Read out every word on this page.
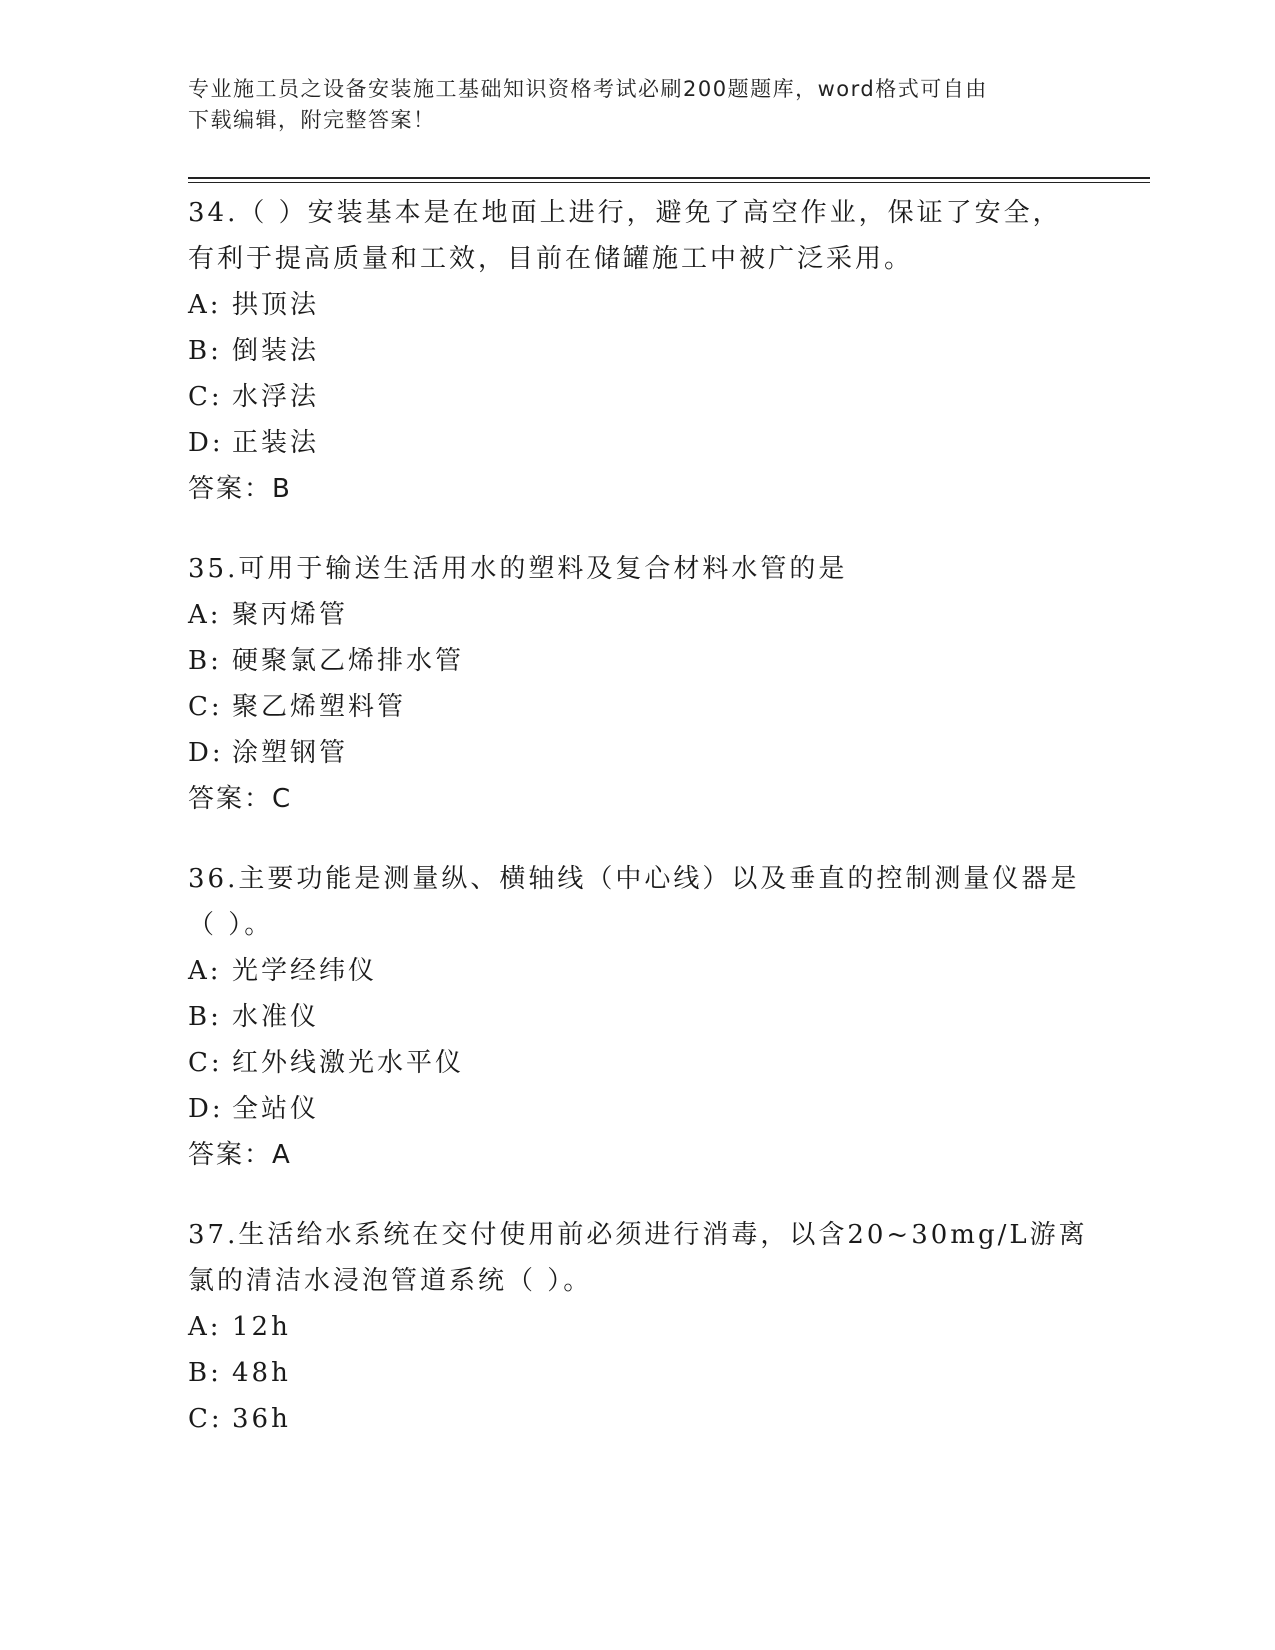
专业施工员之设备安装施工基础知识资格考试必刷200题题库，word格式可自由
下载编辑，附完整答案！

34.（ ）安装基本是在地面上进行，避免了高空作业，保证了安全，有利于提高质量和工效，目前在储罐施工中被广泛采用。

A: 拱顶法
B: 倒装法
C: 水浮法
D: 正装法
答案：B

35.可用于输送生活用水的塑料及复合材料水管的是

A: 聚丙烯管
B: 硬聚氯乙烯排水管
C: 聚乙烯塑料管
D: 涂塑钢管
答案：C

36.主要功能是测量纵、横轴线（中心线）以及垂直的控制测量仪器是（ ）。

A: 光学经纬仪
B: 水准仪
C: 红外线激光水平仪
D: 全站仪
答案：A

37.生活给水系统在交付使用前必须进行消毒，以含20~30mg/L游离氯的清洁水浸泡管道系统（ ）。

A: 12h
B: 48h
C: 36h
